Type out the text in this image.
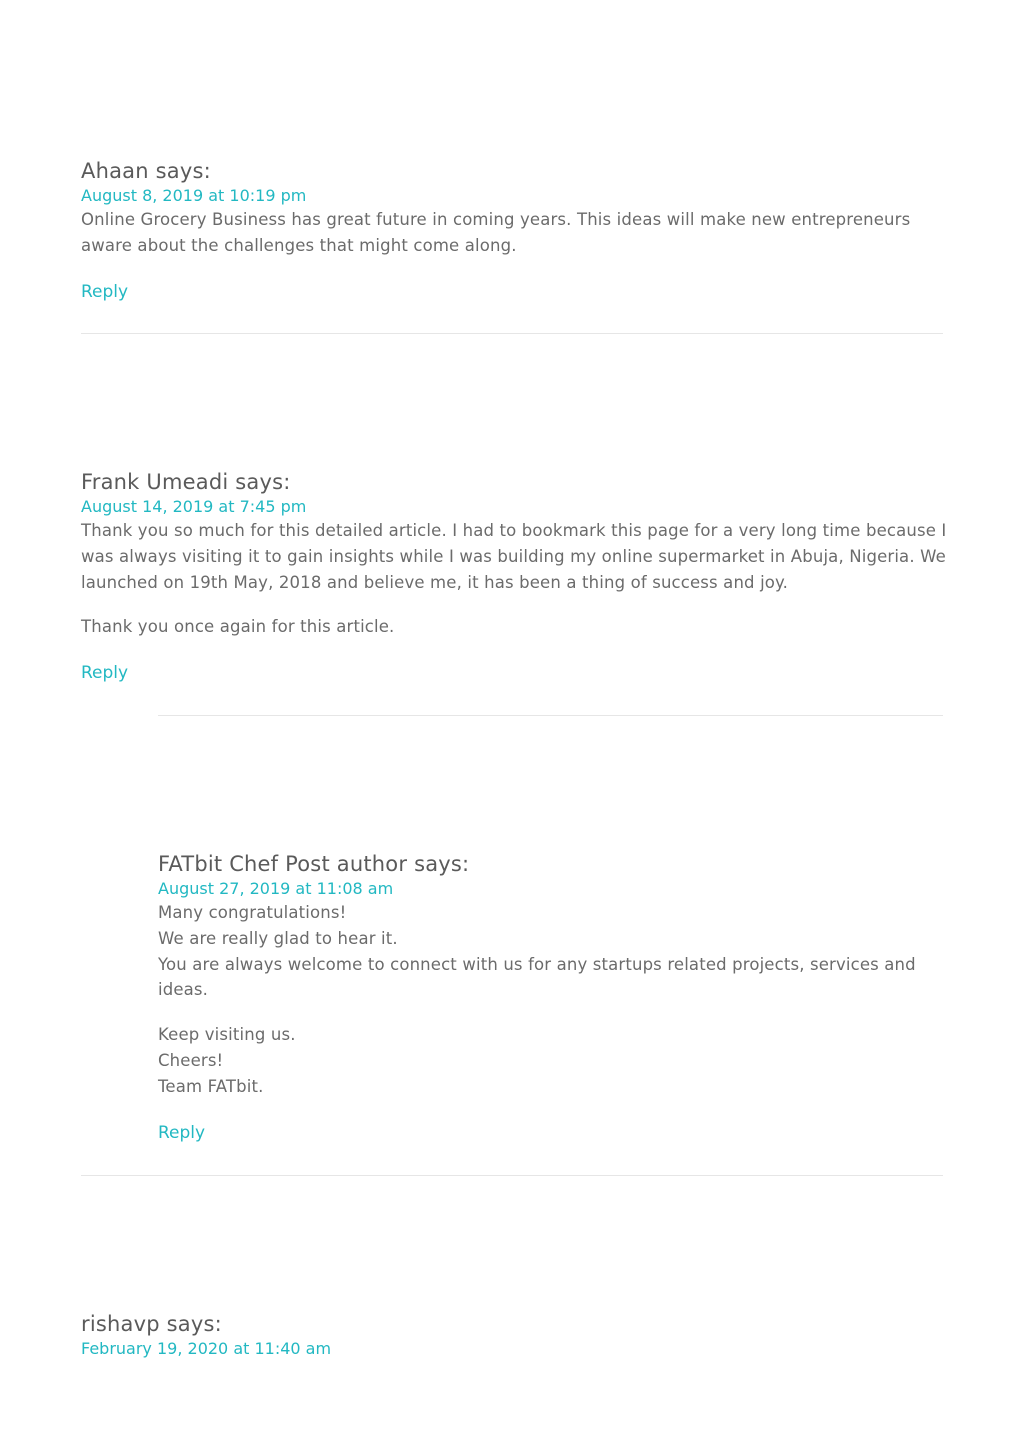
Ahaan says:
August 8, 2019 at 10:19 pm

Online Grocery Business has great future in coming years. This ideas will make new entrepreneurs aware about the challenges that might come along.

Reply
Frank Umeadi says:
August 14, 2019 at 7:45 pm

Thank you so much for this detailed article. I had to bookmark this page for a very long time because I was always visiting it to gain insights while I was building my online supermarket in Abuja, Nigeria. We launched on 19th May, 2018 and believe me, it has been a thing of success and joy.

Thank you once again for this article.

Reply
FATbit Chef Post author says:
August 27, 2019 at 11:08 am

Many congratulations!
We are really glad to hear it.
You are always welcome to connect with us for any startups related projects, services and ideas.

Keep visiting us.
Cheers!
Team FATbit.

Reply
rishavp says:
February 19, 2020 at 11:40 am
